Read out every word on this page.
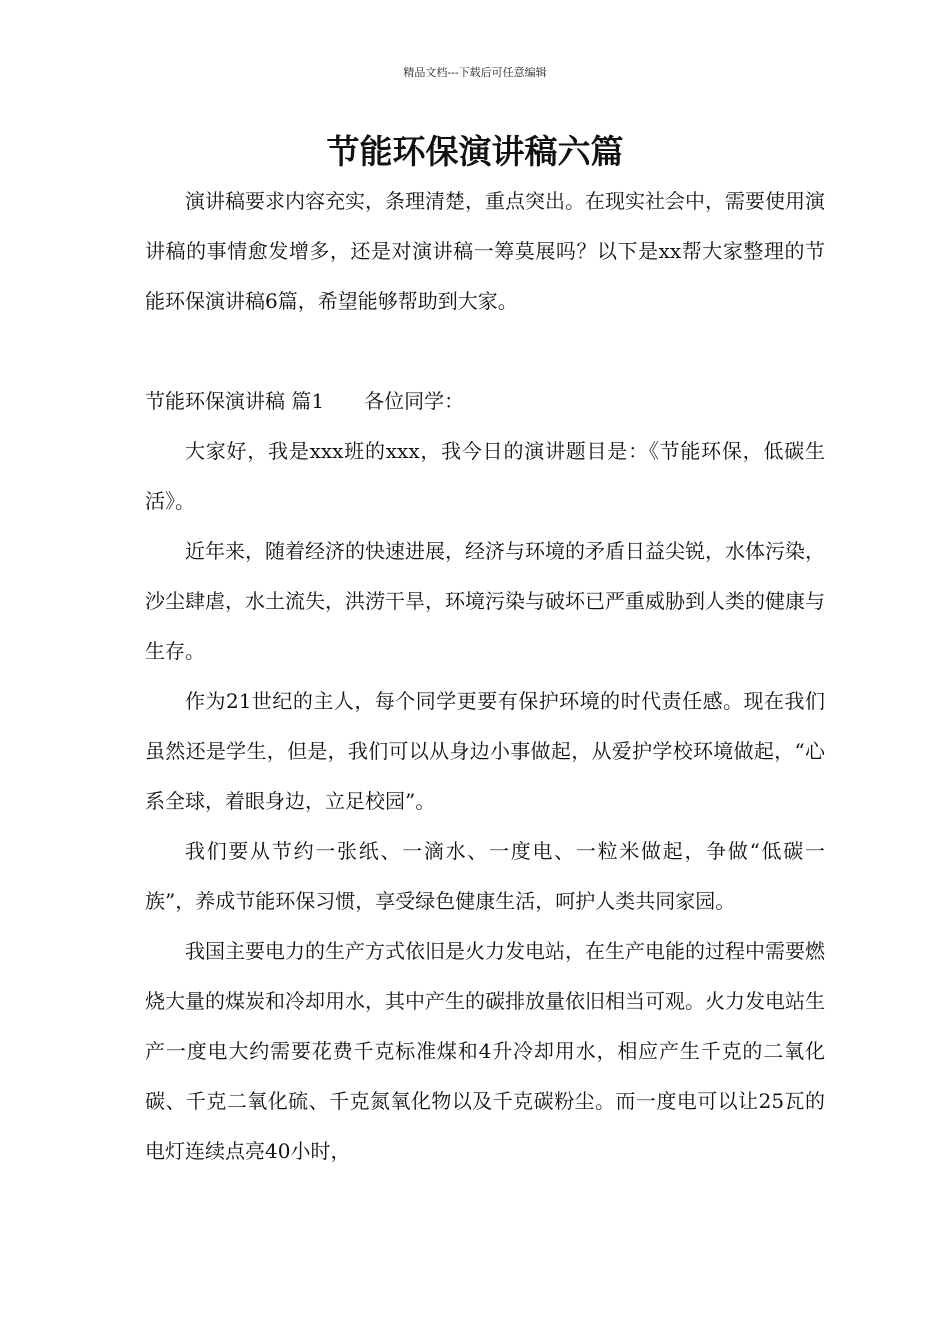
精品文档---下载后可任意编辑
节能环保演讲稿六篇

演讲稿要求内容充实，条理清楚，重点突出。在现实社会中，需要使用演讲稿的事情愈发增多，还是对演讲稿一筹莫展吗？以下是xx帮大家整理的节能环保演讲稿6篇，希望能够帮助到大家。

节能环保演讲稿 篇1 各位同学：

大家好，我是xxx班的xxx，我今日的演讲题目是：《节能环保，低碳生活》。

近年来，随着经济的快速进展，经济与环境的矛盾日益尖锐，水体污染，沙尘肆虐，水土流失，洪涝干旱，环境污染与破坏已严重威胁到人类的健康与生存。

作为21世纪的主人，每个同学更要有保护环境的时代责任感。现在我们虽然还是学生，但是，我们可以从身边小事做起，从爱护学校环境做起，“心系全球，着眼身边，立足校园”。

我们要从节约一张纸、一滴水、一度电、一粒米做起，争做“低碳一族”，养成节能环保习惯，享受绿色健康生活，呵护人类共同家园。

我国主要电力的生产方式依旧是火力发电站，在生产电能的过程中需要燃烧大量的煤炭和冷却用水，其中产生的碳排放量依旧相当可观。火力发电站生产一度电大约需要花费千克标准煤和4升冷却用水，相应产生千克的二氧化碳、千克二氧化硫、千克氮氧化物以及千克碳粉尘。而一度电可以让25瓦的电灯连续点亮40小时，
